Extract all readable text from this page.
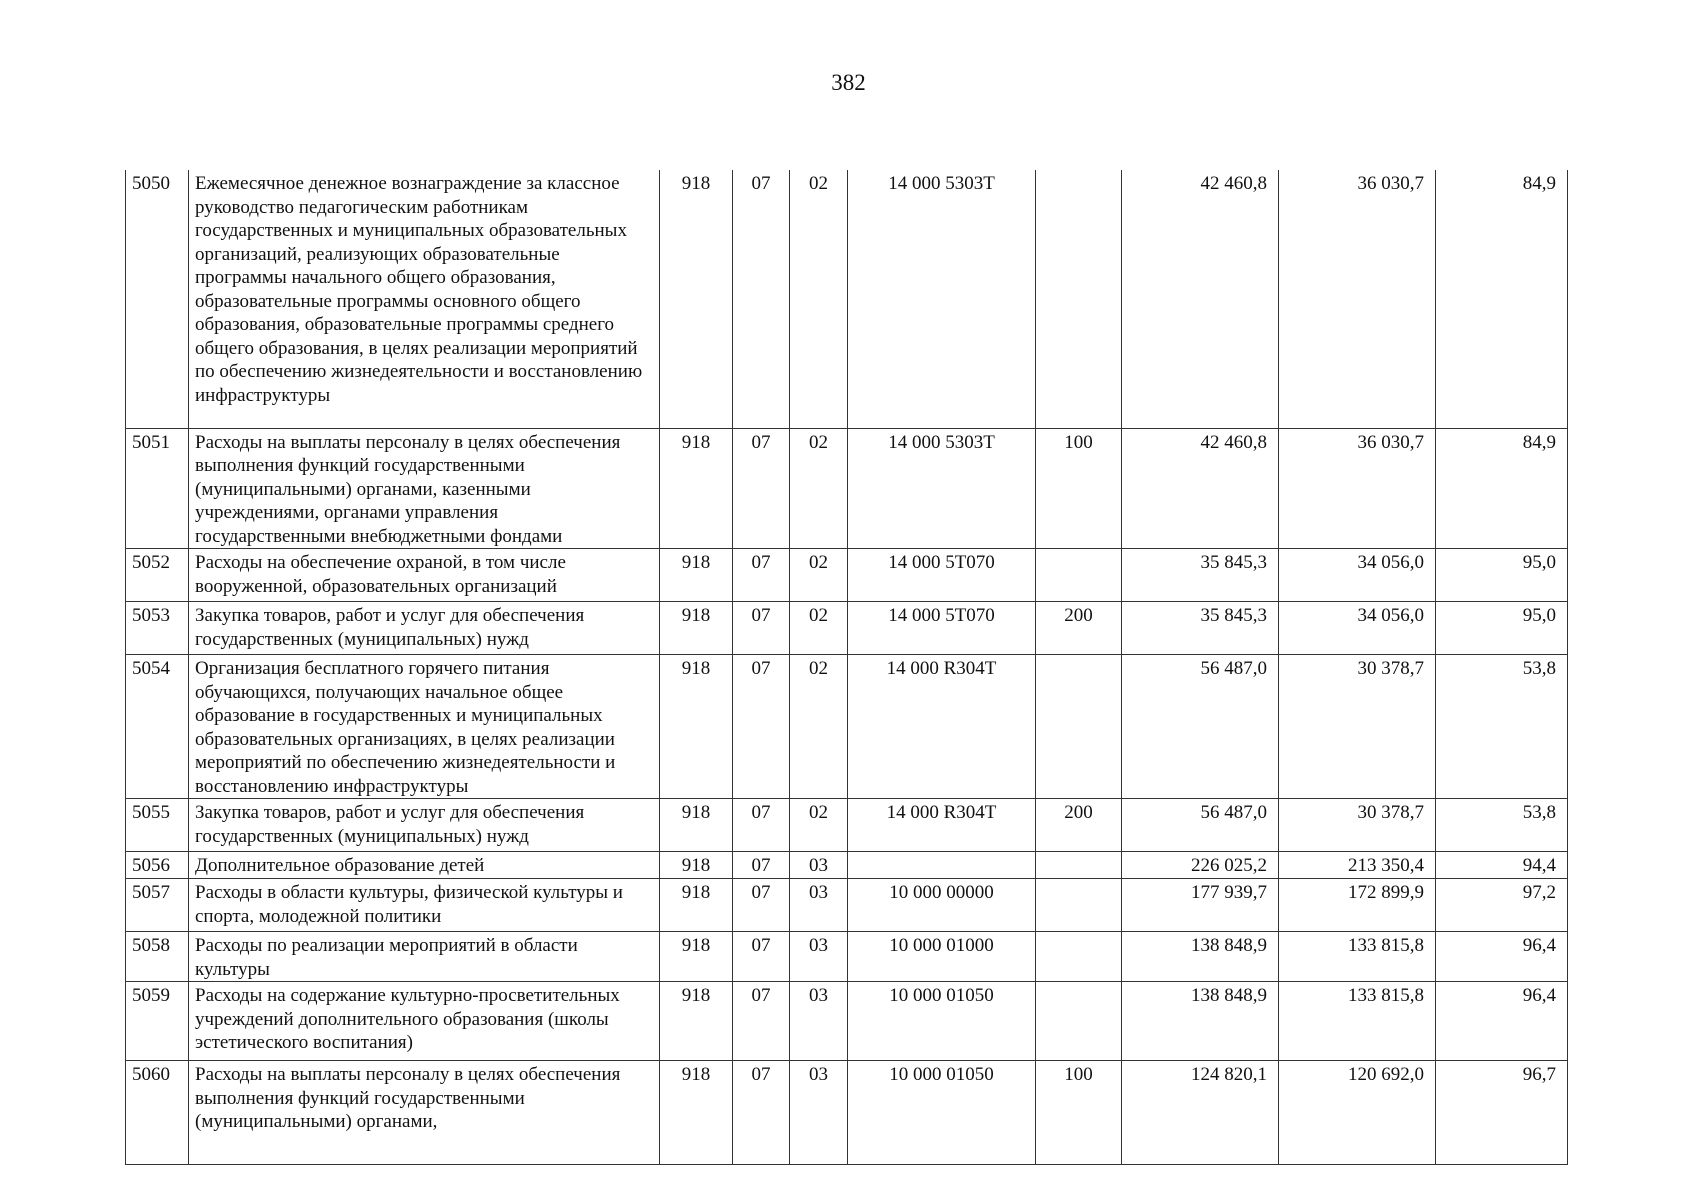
382
5050	Ежемесячное денежное вознаграждение за классное руководство педагогическим работникам государственных и муниципальных образовательных организаций, реализующих образовательные программы начального общего образования, образовательные программы основного общего образования, образовательные программы среднего общего образования, в целях реализации мероприятий по обеспечению жизнедеятельности и восстановлению инфраструктуры	918	07	02	14 000 5303Т		42 460,8	36 030,7	84,9
5051	Расходы на выплаты персоналу в целях обеспечения выполнения функций государственными (муниципальными) органами, казенными учреждениями, органами управления государственными внебюджетными фондами	918	07	02	14 000 5303Т	100	42 460,8	36 030,7	84,9
5052	Расходы на обеспечение охраной, в том числе вооруженной, образовательных организаций	918	07	02	14 000 5Т070		35 845,3	34 056,0	95,0
5053	Закупка товаров, работ и услуг для обеспечения государственных (муниципальных) нужд	918	07	02	14 000 5Т070	200	35 845,3	34 056,0	95,0
5054	Организация бесплатного горячего питания обучающихся, получающих начальное общее образование в государственных и муниципальных образовательных организациях, в целях реализации мероприятий по обеспечению жизнедеятельности и восстановлению инфраструктуры	918	07	02	14 000 R304Т		56 487,0	30 378,7	53,8
5055	Закупка товаров, работ и услуг для обеспечения государственных (муниципальных) нужд	918	07	02	14 000 R304Т	200	56 487,0	30 378,7	53,8
5056	Дополнительное образование детей	918	07	03			226 025,2	213 350,4	94,4
5057	Расходы в области культуры, физической культуры и спорта, молодежной политики	918	07	03	10 000 00000		177 939,7	172 899,9	97,2
5058	Расходы по реализации мероприятий в области культуры	918	07	03	10 000 01000		138 848,9	133 815,8	96,4
5059	Расходы на содержание культурно-просветительных учреждений дополнительного образования (школы эстетического воспитания)	918	07	03	10 000 01050		138 848,9	133 815,8	96,4
5060	Расходы на выплаты персоналу в целях обеспечения выполнения функций государственными (муниципальными) органами,	918	07	03	10 000 01050	100	124 820,1	120 692,0	96,7
